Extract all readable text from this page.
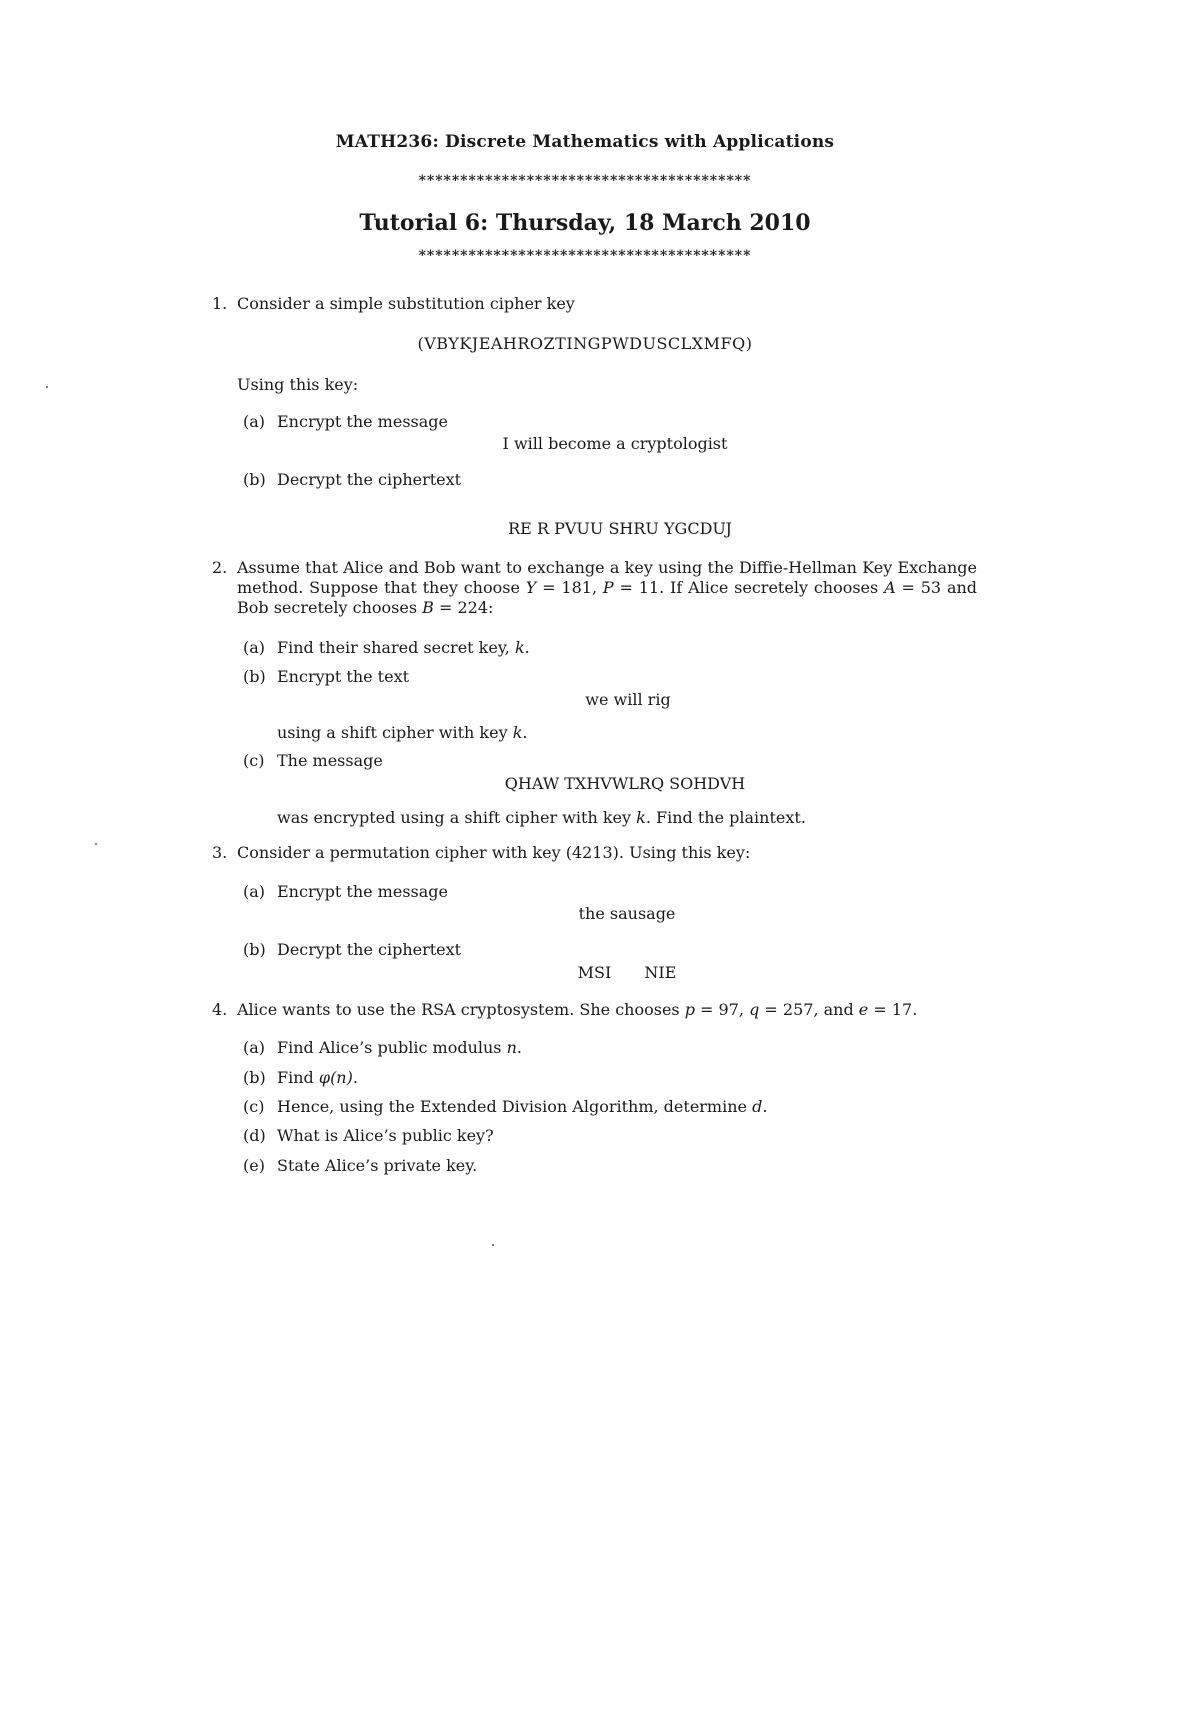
MATH236: Discrete Mathematics with Applications
****************************************
Tutorial 6: Thursday, 18 March 2010
****************************************
1. Consider a simple substitution cipher key
(VBYKJEAHROZTINGPWDUSCLXMFQ)
Using this key:
(a) Encrypt the message
I will become a cryptologist
(b) Decrypt the ciphertext
RE R PVUU SHRU YGCDUJ
2. Assume that Alice and Bob want to exchange a key using the Diffie-Hellman Key Exchange method. Suppose that they choose Y = 181, P = 11. If Alice secretely chooses A = 53 and Bob secretely chooses B = 224:
(a) Find their shared secret key, k.
(b) Encrypt the text
we will rig
using a shift cipher with key k.
(c) The message
QHAW TXHVWLRQ SOHDVH
was encrypted using a shift cipher with key k. Find the plaintext.
3. Consider a permutation cipher with key (4213). Using this key:
(a) Encrypt the message
the sausage
(b) Decrypt the ciphertext
MSI NIE
4. Alice wants to use the RSA cryptosystem. She chooses p = 97, q = 257, and e = 17.
(a) Find Alice’s public modulus n.
(b) Find φ(n).
(c) Hence, using the Extended Division Algorithm, determine d.
(d) What is Alice’s public key?
(e) State Alice’s private key.
